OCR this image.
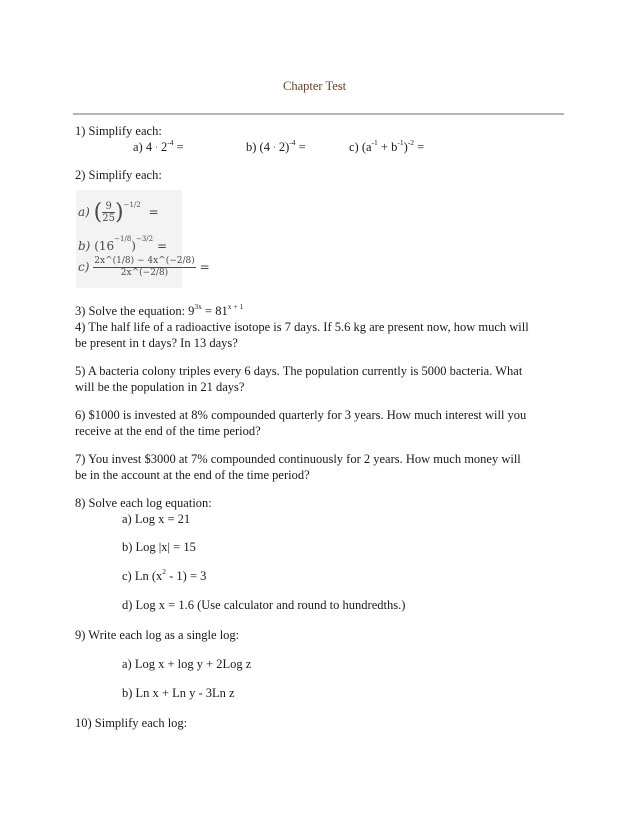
Chapter Test
1) Simplify each:
a) $4 \cdot 2^{-4}$ =	b) $(4 \cdot 2)^{-4}$ =	c) $(a^{-1} + b^{-1})^{-2}$ =
2) Simplify each:
a) ( $\frac{9}{25} )^{-1/2}$ =
b) $(16^{-1/8})^{-3/2}$ =
$c) \frac{2x\^{}(1/8) - 4x\^{}(-2/8)}{2x\^{}(-2/8)}$ =
3) Solve the equation: $9^{3x} = 81^{x + 1}$
4) The half life of a radioactive isotope is 7 days. If 5.6 kg are present now, how much will
be present in t days? In 13 days?
5) A bacteria colony triples every 6 days. The population currently is 5000 bacteria. What
will be the population in 21 days?
6) $1000 is invested at 8% compounded quarterly for 3 years. How much interest will you
receive at the end of the time period?
7) You invest $3000 at 7% compounded continuously for 2 years. How much money will
be in the account at the end of the time period?
8) Solve each log equation:
a) Log x = 21
b) Log |x| = 15
c) Ln $(x^2 - 1) = 3$
d) Log x = 1.6 (Use calculator and round to hundredths.)
9) Write each log as a single log:
a) Log x + log y + 2Log z
b) Ln x + Ln y - 3Ln z
10) Simplify each log:
